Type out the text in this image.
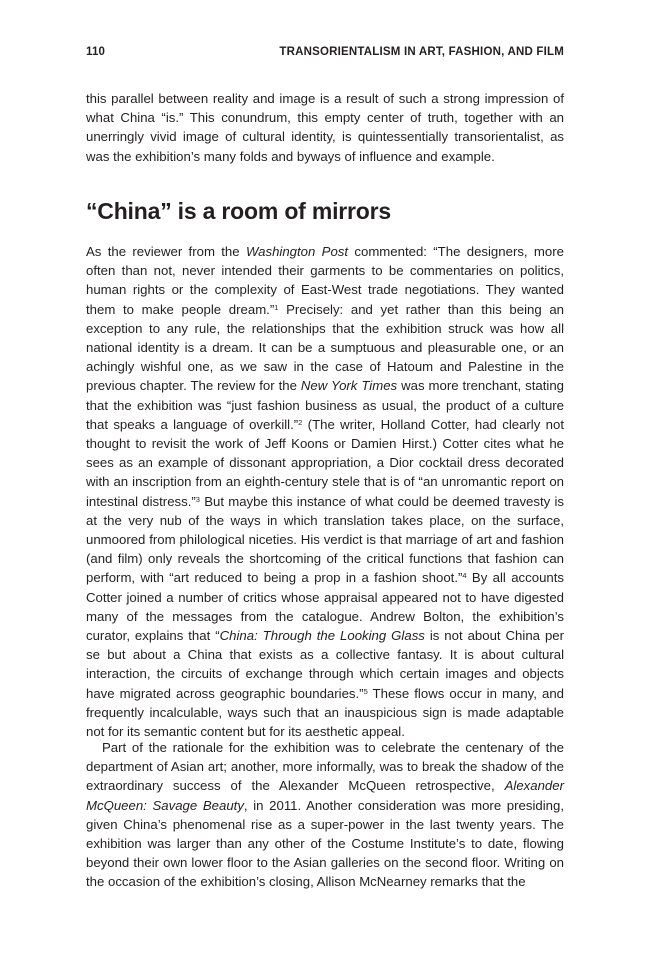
110	TRANSORIENTALISM IN ART, FASHION, AND FILM

this parallel between reality and image is a result of such a strong impression of what China “is.” This conundrum, this empty center of truth, together with an unerringly vivid image of cultural identity, is quintessentially transorientalist, as was the exhibition’s many folds and byways of influence and example.

“China” is a room of mirrors

As the reviewer from the Washington Post commented: “The designers, more often than not, never intended their garments to be commentaries on politics, human rights or the complexity of East-West trade negotiations. They wanted them to make people dream.”$^1$ Precisely: and yet rather than this being an exception to any rule, the relationships that the exhibition struck was how all national identity is a dream. It can be a sumptuous and pleasurable one, or an achingly wishful one, as we saw in the case of Hatoum and Palestine in the previous chapter. The review for the New York Times was more trenchant, stating that the exhibition was “just fashion business as usual, the product of a culture that speaks a language of overkill.”$^2$ (The writer, Holland Cotter, had clearly not thought to revisit the work of Jeff Koons or Damien Hirst.) Cotter cites what he sees as an example of dissonant appropriation, a Dior cocktail dress decorated with an inscription from an eighth-century stele that is of “an unromantic report on intestinal distress.”$^3$ But maybe this instance of what could be deemed travesty is at the very nub of the ways in which translation takes place, on the surface, unmoored from philological niceties. His verdict is that marriage of art and fashion (and film) only reveals the shortcoming of the critical functions that fashion can perform, with “art reduced to being a prop in a fashion shoot.”$^4$ By all accounts Cotter joined a number of critics whose appraisal appeared not to have digested many of the messages from the catalogue. Andrew Bolton, the exhibition’s curator, explains that “China: Through the Looking Glass is not about China per se but about a China that exists as a collective fantasy. It is about cultural interaction, the circuits of exchange through which certain images and objects have migrated across geographic boundaries.”$^5$ These flows occur in many, and frequently incalculable, ways such that an inauspicious sign is made adaptable not for its semantic content but for its aesthetic appeal.

Part of the rationale for the exhibition was to celebrate the centenary of the department of Asian art; another, more informally, was to break the shadow of the extraordinary success of the Alexander McQueen retrospective, Alexander McQueen: Savage Beauty, in 2011. Another consideration was more presiding, given China’s phenomenal rise as a super-power in the last twenty years. The exhibition was larger than any other of the Costume Institute’s to date, flowing beyond their own lower floor to the Asian galleries on the second floor. Writing on the occasion of the exhibition’s closing, Allison McNearney remarks that the
